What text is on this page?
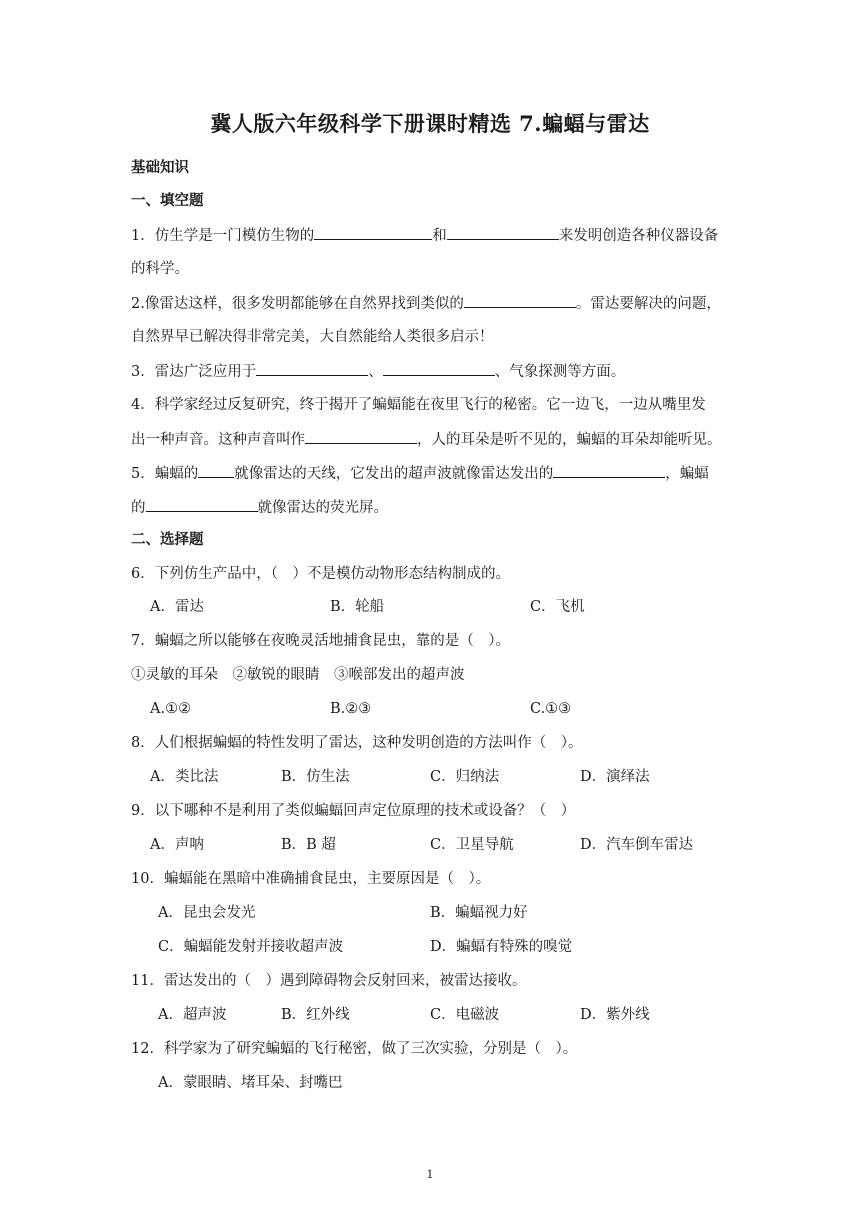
冀人版六年级科学下册课时精选 7.蝙蝠与雷达
基础知识
一、填空题
1．仿生学是一门模仿生物的	和	来发明创造各种仪器设备
的科学。
2.像雷达这样，很多发明都能够在自然界找到类似的	。雷达要解决的问题，
自然界早已解决得非常完美，大自然能给人类很多启示！
3．雷达广泛应用于	、	、气象探测等方面。
4．科学家经过反复研究，终于揭开了蝙蝠能在夜里飞行的秘密。它一边飞，一边从嘴里发
出一种声音。这种声音叫作	，人的耳朵是听不见的，蝙蝠的耳朵却能听见。
5．蝙蝠的 就像雷达的天线，它发出的超声波就像雷达发出的	，蝙蝠
的	就像雷达的荧光屏。
二、选择题
6．下列仿生产品中，（　）不是模仿动物形态结构制成的。
A．雷达	B．轮船	C．飞机
7．蝙蝠之所以能够在夜晚灵活地捕食昆虫，靠的是（　）。
①灵敏的耳朵　②敏锐的眼睛　③喉部发出的超声波
A.①②	B.②③	C.①③
8．人们根据蝙蝠的特性发明了雷达，这种发明创造的方法叫作（　）。
A．类比法	B．仿生法	C．归纳法	D．演绎法
9．以下哪种不是利用了类似蝙蝠回声定位原理的技术或设备？（　）
A．声呐	B．B 超	C．卫星导航	D．汽车倒车雷达
10．蝙蝠能在黑暗中准确捕食昆虫，主要原因是（　）。
A．昆虫会发光	B．蝙蝠视力好
C．蝙蝠能发射并接收超声波	D．蝙蝠有特殊的嗅觉
11．雷达发出的（　）遇到障碍物会反射回来，被雷达接收。
A．超声波	B．红外线	C．电磁波	D．紫外线
12．科学家为了研究蝙蝠的飞行秘密，做了三次实验，分别是（　）。
A．蒙眼睛、堵耳朵、封嘴巴
1
